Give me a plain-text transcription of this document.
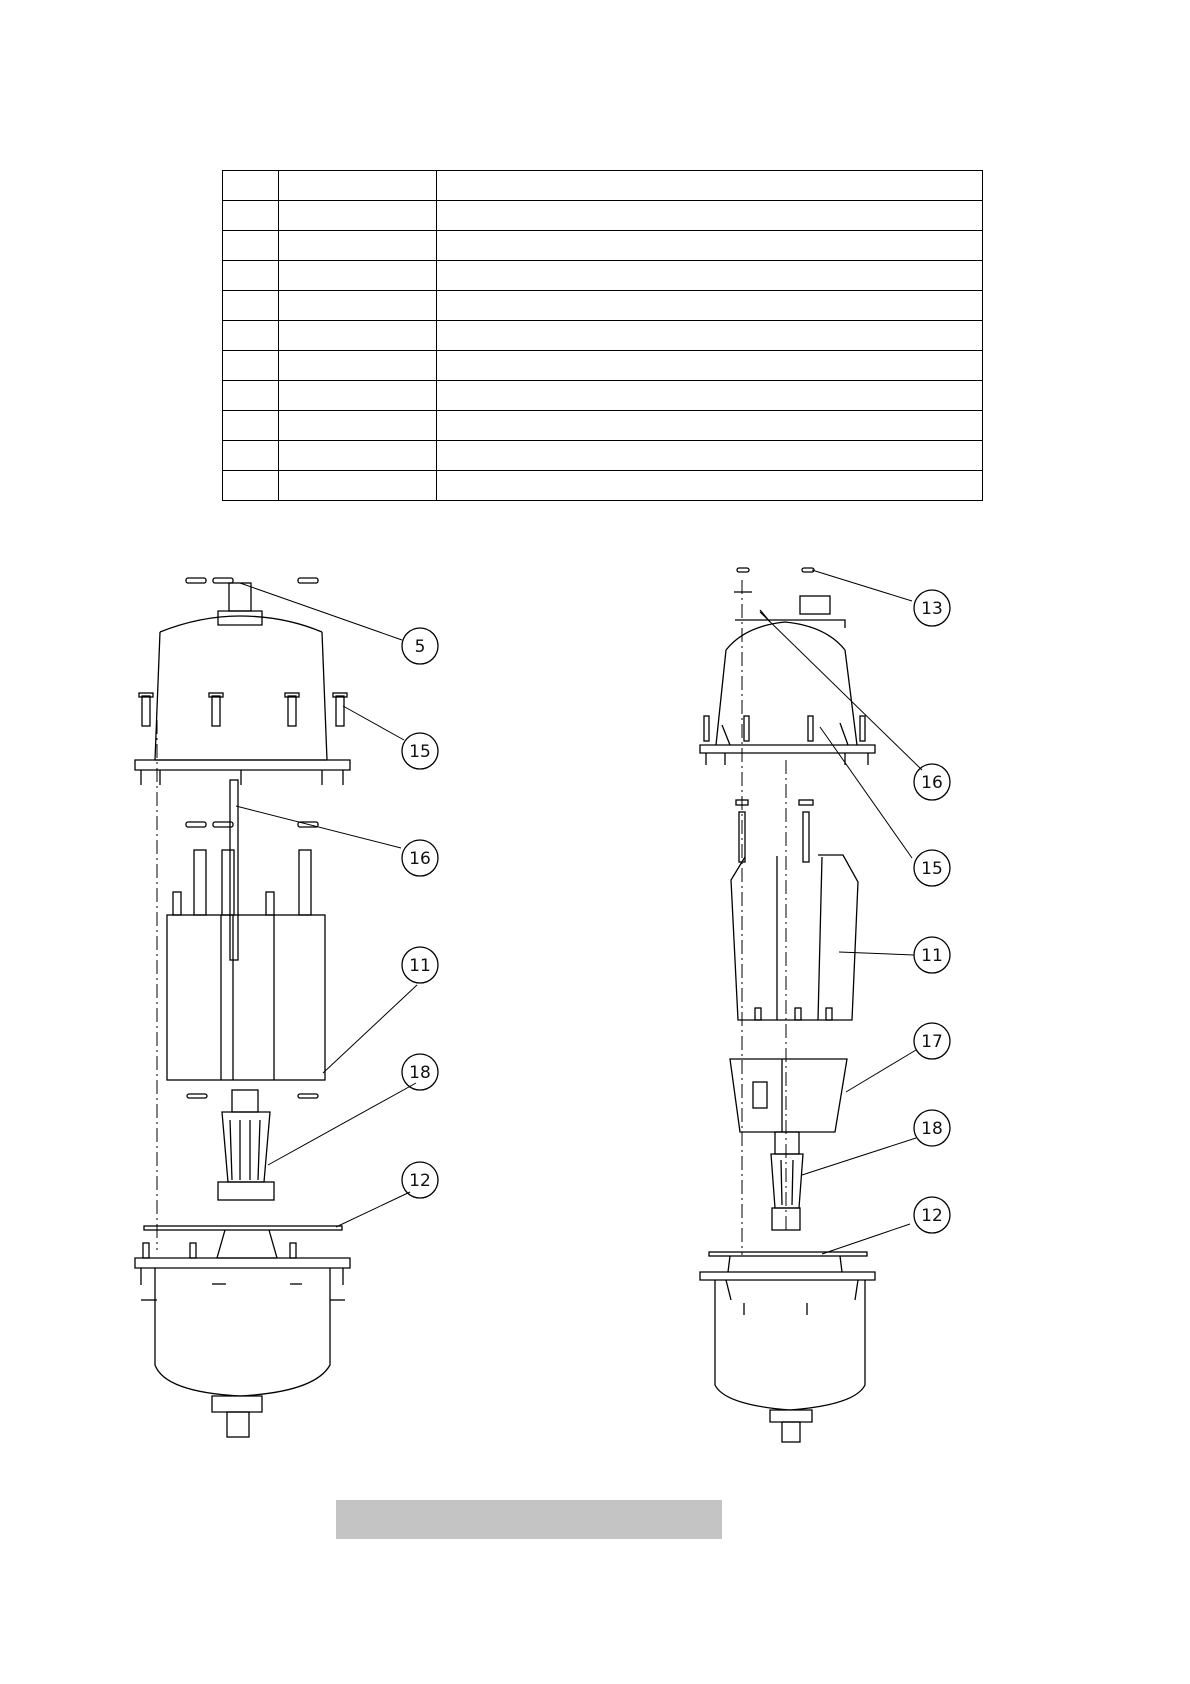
5
15
16
11
18
12
13
16
15
11
17
18
12
